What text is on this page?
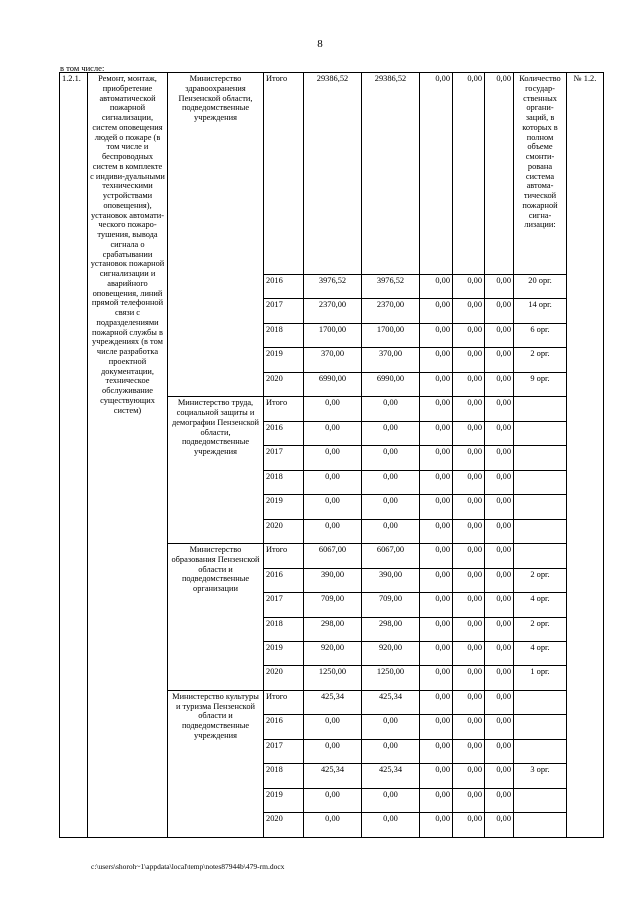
8
в том числе:
1.2.1.	Ремонт, монтаж, приобретение автоматической пожарной сигнализации, систем оповещения людей о пожаре (в том числе и беспроводных систем в комплекте с индиви-дуальными техническими устройствами оповещения), установок автомати-ческого пожаро-тушения, вывода сигнала о срабатывании установок пожарной сигнализации и аварийного оповещения, линий прямой телефонной связи с подразделениями пожарной службы в учреждениях (в том числе разработка проектной документации, техническое обслуживание существующих систем)	Министерство здравоохранения Пензенской области, подведомственные учреждения	Итого	29386,52	29386,52	0,00	0,00	0,00	Количество государ-ственных органи-заций, в которых в полном объеме смонти-рована система автома-тической пожарной сигна-лизации:	№ 1.2.
			2016	3976,52	3976,52	0,00	0,00	0,00	20 орг.	
			2017	2370,00	2370,00	0,00	0,00	0,00	14 орг.	
			2018	1700,00	1700,00	0,00	0,00	0,00	6 орг.	
			2019	370,00	370,00	0,00	0,00	0,00	2 орг.	
			2020	6990,00	6990,00	0,00	0,00	0,00	9 орг.	
		Министерство труда, социальной защиты и демографии Пензенской области, подведомственные учреждения	Итого	0,00	0,00	0,00	0,00	0,00		
			2016	0,00	0,00	0,00	0,00	0,00		
			2017	0,00	0,00	0,00	0,00	0,00		
			2018	0,00	0,00	0,00	0,00	0,00		
			2019	0,00	0,00	0,00	0,00	0,00		
			2020	0,00	0,00	0,00	0,00	0,00		
		Министерство образования Пензенской области и подведомственные организации	Итого	6067,00	6067,00	0,00	0,00	0,00		
			2016	390,00	390,00	0,00	0,00	0,00	2 орг.	
			2017	709,00	709,00	0,00	0,00	0,00	4 орг.	
			2018	298,00	298,00	0,00	0,00	0,00	2 орг.	
			2019	920,00	920,00	0,00	0,00	0,00	4 орг.	
			2020	1250,00	1250,00	0,00	0,00	0,00	1 орг.	
		Министерство культуры и туризма Пензенской области и подведомственные учреждения	Итого	425,34	425,34	0,00	0,00	0,00		
			2016	0,00	0,00	0,00	0,00	0,00		
			2017	0,00	0,00	0,00	0,00	0,00		
			2018	425,34	425,34	0,00	0,00	0,00	3 орг.	
			2019	0,00	0,00	0,00	0,00	0,00		
			2020	0,00	0,00	0,00	0,00	0,00		
c:\users\shoroh~1\appdata\local\temp\notes87944b\479-rm.docx
